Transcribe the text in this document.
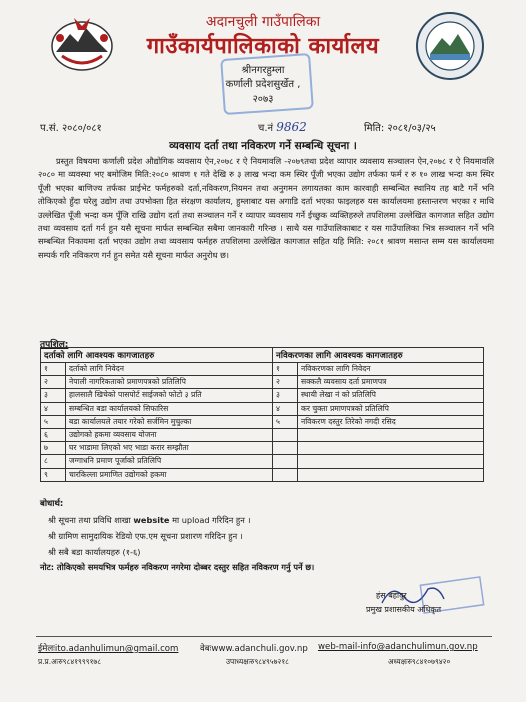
अदानचुली गाउँपालिका
गाउँकार्यपालिकाको कार्यालय
श्रीनगरहुम्ला
कर्णाली प्रदेशसुर्खेत ,
२०७३
प.सं. २०८०/०८१	च.नं 9862	मिति: २०८१/०३/२५
व्यवसाय दर्ता तथा नविकरण गर्ने सम्बन्धि सूचना ।
प्रस्तुत विषयमा कर्णाली प्रदेश औद्योगिक व्यवसाय ऐन,२०७८ र ऐ नियमावलि -२०७९तथा प्रदेश व्यापार व्यवसाय सञ्चालन ऐन,२०७८ र ऐ नियमावलि २०८० मा व्यवस्था भए बमोजिम मिति:२०८० श्रावण १ गते देखि रु ३ लाख भन्दा कम स्थिर पूँजी भएका उद्योग तर्फका फर्म र रु १० लाख भन्दा कम स्थिर पूँजी भएका बाणिज्य तर्फका प्राईभेट फर्महरुको दर्ता,नविकरण,नियमन तथा अनुगमन लगायतका काम कारवाही सम्बन्धित स्थानिय तह बाटै गर्ने भनि तोकिएको हुँदा घरेलु उद्योग तथा उपभोक्ता हित संरक्षण कार्यालय, हुम्लाबाट यस अगाडि दर्ता भएका फाइलहरु यस कार्यालयमा हस्तान्तरण भएका र माथि उल्लेखित पूँजी भन्दा कम पूँजि राखि उद्योग दर्ता तथा सञ्चालन गर्ने र व्यापार व्यवसाय गर्ने ईच्छुक व्यक्तिहरुले तपशिलमा उल्लेखित कागजात सहित उद्योग तथा व्यवसाय दर्ता गर्न हुन यसै सूचना मार्फत सम्बन्धित सबैमा जानकारी गरिन्छ । साथै यस गाउँपालिकाबाट र यस गाउँपालिका भित्र सञ्चालन गर्ने भनि सम्बन्धित निकायमा दर्ता भएका उद्योग तथा व्यवसाय फर्महरु तपशिलमा उल्लेखित कागजात सहित यहि मिति: २०८१ श्रावण मसान्त सम्म यस कार्यालयमा सम्पर्क गरि नविकरण गर्न हुन समेत यसै सूचना मार्फत अनुरोध छ।
तपशिल:
दर्ताको लागि आवश्यक कागजातहरु		नविकरणका लागि आवश्यक कागजातहरु	
१	दर्ताको लागि निवेदन	१	नविकरणका लागि निवेदन
२	नेपाली नागरिकताको प्रमाणपत्रको प्रतिलिपि	२	सक्कलै व्यवसाय दर्ता प्रमाणपत्र
३	हालसालै खिचेको पासपोर्ट साईजको फोटो ३ प्रति	३	स्थायी लेखा नं को प्रतिलिपि
४	सम्बन्धित बडा कार्यालयको सिफारिस	४	कर चुक्ता प्रमाणपत्रको प्रतिलिपि
५	बडा कार्यालयले तयार गरेको सर्जमिन मुचुल्का	५	नविकरण दस्तुर तिरेको नगदी रसिद
६	उद्योगको हकमा व्यवसाय योजना		
७	घर भाडामा लिएको भए भाडा करार सम्झौता		
८	जग्गाधनि प्रमाण पूर्जाको प्रतिलिपि		
९	चारकिल्ला प्रमाणित उद्योगको हकमा		
बोधार्थ:
श्री सूचना तथा प्रविधि शाखा website मा upload गरिदिन हुन ।
श्री ग्रामिण सामुदायिक रेडियो एफ.एम सूचना प्रशारण गरिदिन हुन ।
श्री सबै बडा कार्यालयहरु (१-६)
नोट: तोकिएको समयभित्र फर्महरु नविकरण नगरेमा दोब्बर दस्तुर सहित नविकरण गर्नु पर्ने छ।
हंस बहादुर
प्रमुख प्रशासकीय अधिकृत
ईमेलःito.adanhulimun@gmail.com	वेबःwww.adanchuli.gov.np web-mail-info@adanchulimun.gov.np
प्र.प्र.अःरु९८४१९९९१७८	उपाध्यक्षःरु९८४९५७२१८	अध्यक्षःरु९८४१०७९४२०
